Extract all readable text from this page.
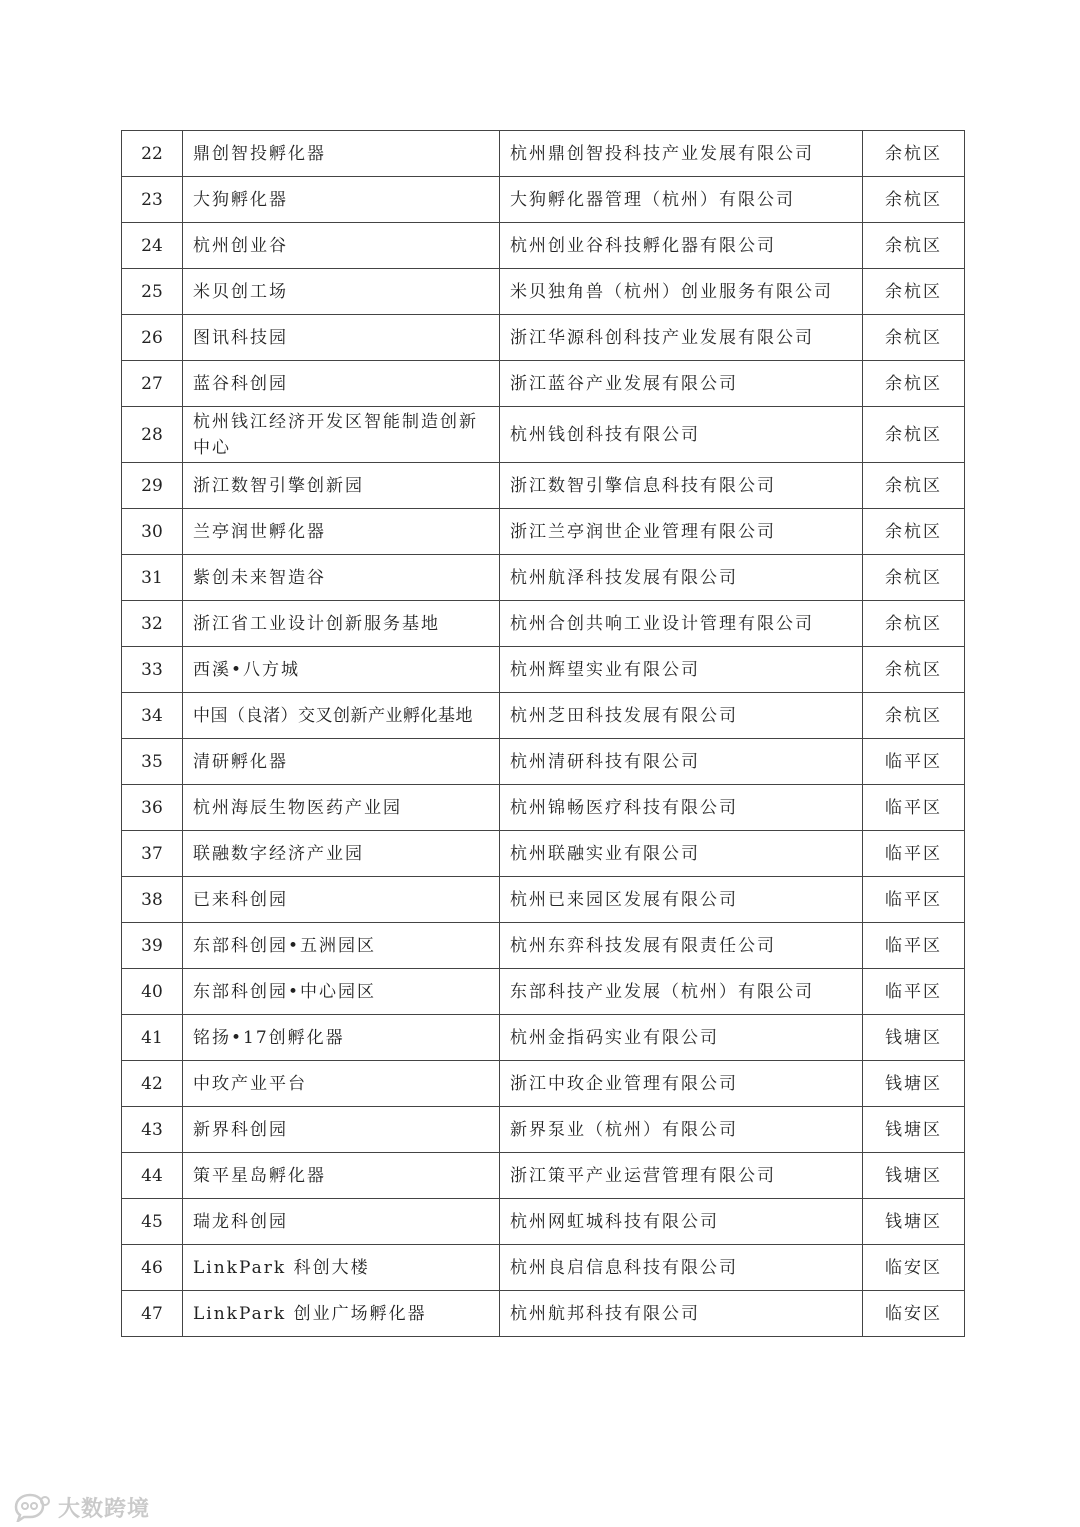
22	鼎创智投孵化器	杭州鼎创智投科技产业发展有限公司	余杭区
23	大狗孵化器	大狗孵化器管理（杭州）有限公司	余杭区
24	杭州创业谷	杭州创业谷科技孵化器有限公司	余杭区
25	米贝创工场	米贝独角兽（杭州）创业服务有限公司	余杭区
26	图讯科技园	浙江华源科创科技产业发展有限公司	余杭区
27	蓝谷科创园	浙江蓝谷产业发展有限公司	余杭区
28	杭州钱江经济开发区智能制造创新中心	杭州钱创科技有限公司	余杭区
29	浙江数智引擎创新园	浙江数智引擎信息科技有限公司	余杭区
30	兰亭润世孵化器	浙江兰亭润世企业管理有限公司	余杭区
31	紫创未来智造谷	杭州航泽科技发展有限公司	余杭区
32	浙江省工业设计创新服务基地	杭州合创共响工业设计管理有限公司	余杭区
33	西溪•八方城	杭州辉望实业有限公司	余杭区
34	中国（良渚）交叉创新产业孵化基地	杭州芝田科技发展有限公司	余杭区
35	清研孵化器	杭州清研科技有限公司	临平区
36	杭州海辰生物医药产业园	杭州锦畅医疗科技有限公司	临平区
37	联融数字经济产业园	杭州联融实业有限公司	临平区
38	已来科创园	杭州已来园区发展有限公司	临平区
39	东部科创园•五洲园区	杭州东弈科技发展有限责任公司	临平区
40	东部科创园•中心园区	东部科技产业发展（杭州）有限公司	临平区
41	铭扬•17创孵化器	杭州金指码实业有限公司	钱塘区
42	中玫产业平台	浙江中玫企业管理有限公司	钱塘区
43	新界科创园	新界泵业（杭州）有限公司	钱塘区
44	策平星岛孵化器	浙江策平产业运营管理有限公司	钱塘区
45	瑞龙科创园	杭州网虹城科技有限公司	钱塘区
46	LinkPark 科创大楼	杭州良启信息科技有限公司	临安区
47	LinkPark 创业广场孵化器	杭州航邦科技有限公司	临安区
大数跨境
